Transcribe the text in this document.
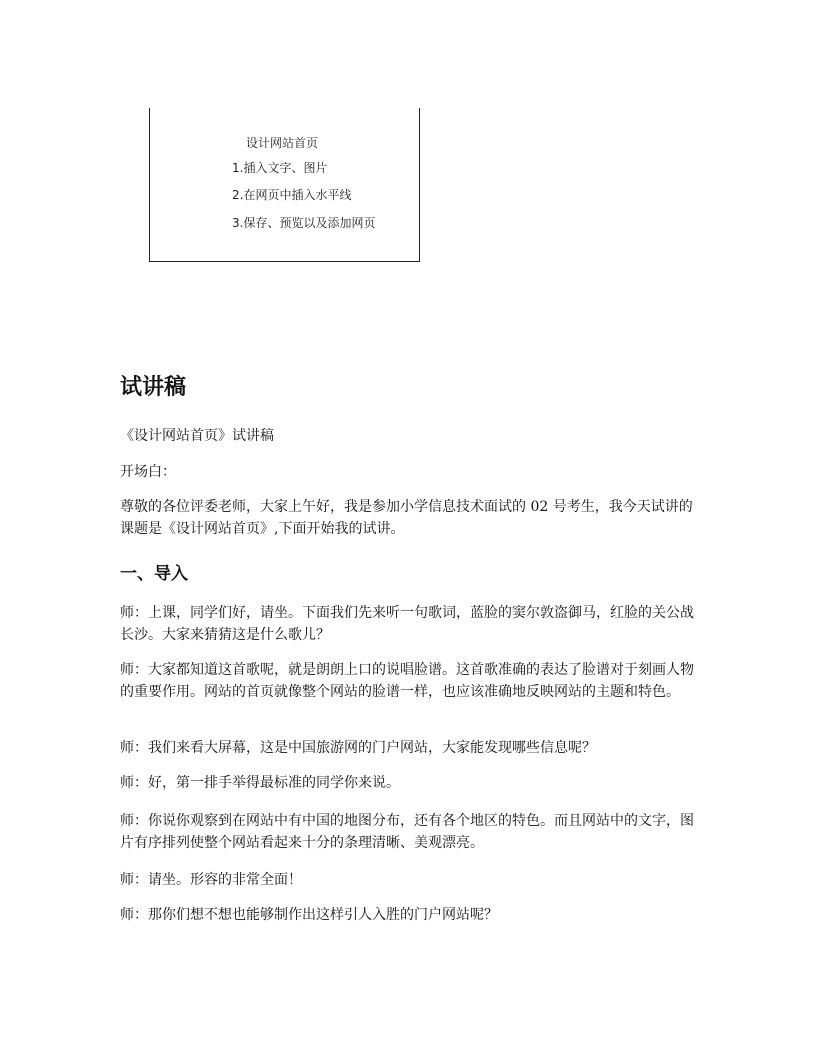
设计网站首页
1.插入文字、图片
2.在网页中插入水平线
3.保存、预览以及添加网页
试讲稿

《设计网站首页》试讲稿

开场白：

尊敬的各位评委老师，大家上午好，我是参加小学信息技术面试的 02 号考生，我今天试讲的课题是《设计网站首页》,下面开始我的试讲。

一、导入

师：上课，同学们好，请坐。下面我们先来听一句歌词，蓝脸的窦尔敦盗御马，红脸的关公战长沙。大家来猜猜这是什么歌儿？

师：大家都知道这首歌呢，就是朗朗上口的说唱脸谱。这首歌准确的表达了脸谱对于刻画人物的重要作用。网站的首页就像整个网站的脸谱一样，也应该准确地反映网站的主题和特色。

师：我们来看大屏幕，这是中国旅游网的门户网站，大家能发现哪些信息呢？

师：好，第一排手举得最标准的同学你来说。

师：你说你观察到在网站中有中国的地图分布，还有各个地区的特色。而且网站中的文字，图片有序排列使整个网站看起来十分的条理清晰、美观漂亮。

师：请坐。形容的非常全面！

师：那你们想不想也能够制作出这样引人入胜的门户网站呢？
